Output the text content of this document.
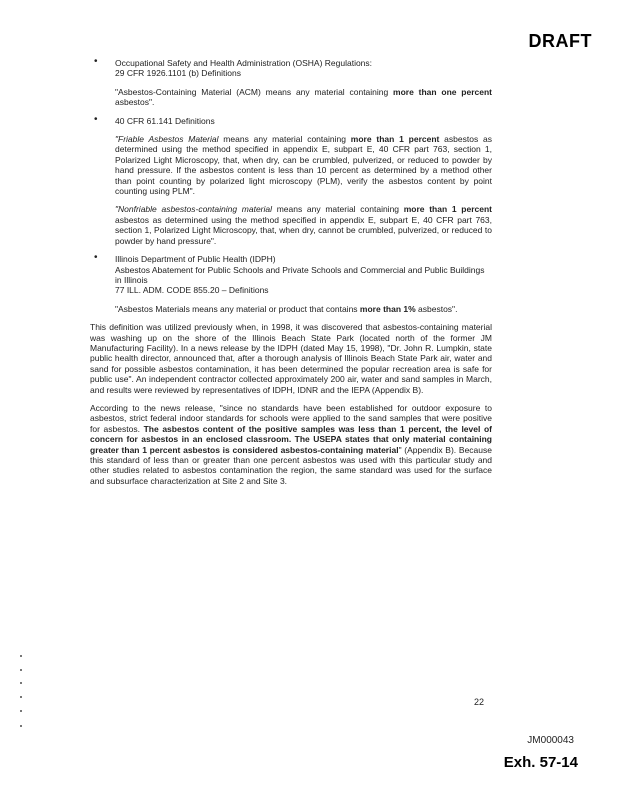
DRAFT
• Occupational Safety and Health Administration (OSHA) Regulations:
29 CFR 1926.1101 (b) Definitions

"Asbestos-Containing Material (ACM) means any material containing more than one percent asbestos".

• 40 CFR 61.141 Definitions

"Friable Asbestos Material means any material containing more than 1 percent asbestos as determined using the method specified in appendix E, subpart E, 40 CFR part 763, section 1, Polarized Light Microscopy, that, when dry, can be crumbled, pulverized, or reduced to powder by hand pressure. If the asbestos content is less than 10 percent as determined by a method other than point counting by polarized light microscopy (PLM), verify the asbestos content by point counting using PLM".

"Nonfriable asbestos-containing material means any material containing more than 1 percent asbestos as determined using the method specified in appendix E, subpart E, 40 CFR part 763, section 1, Polarized Light Microscopy, that, when dry, cannot be crumbled, pulverized, or reduced to powder by hand pressure".

• Illinois Department of Public Health (IDPH)
Asbestos Abatement for Public Schools and Private Schools and Commercial and Public Buildings in Illinois
77 ILL. ADM. CODE 855.20 – Definitions

"Asbestos Materials means any material or product that contains more than 1% asbestos".

This definition was utilized previously when, in 1998, it was discovered that asbestos-containing material was washing up on the shore of the Illinois Beach State Park (located north of the former JM Manufacturing Facility). In a news release by the IDPH (dated May 15, 1998), "Dr. John R. Lumpkin, state public health director, announced that, after a thorough analysis of Illinois Beach State Park air, water and sand for possible asbestos contamination, it has been determined the popular recreation area is safe for public use". An independent contractor collected approximately 200 air, water and sand samples in March, and results were reviewed by representatives of IDPH, IDNR and the IEPA (Appendix B).

According to the news release, "since no standards have been established for outdoor exposure to asbestos, strict federal indoor standards for schools were applied to the sand samples that were positive for asbestos. The asbestos content of the positive samples was less than 1 percent, the level of concern for asbestos in an enclosed classroom. The USEPA states that only material containing greater than 1 percent asbestos is considered asbestos-containing material" (Appendix B). Because this standard of less than or greater than one percent asbestos was used with this particular study and other studies related to asbestos contamination the region, the same standard was used for the surface and subsurface characterization at Site 2 and Site 3.

22
JM000043
Exh. 57-14
